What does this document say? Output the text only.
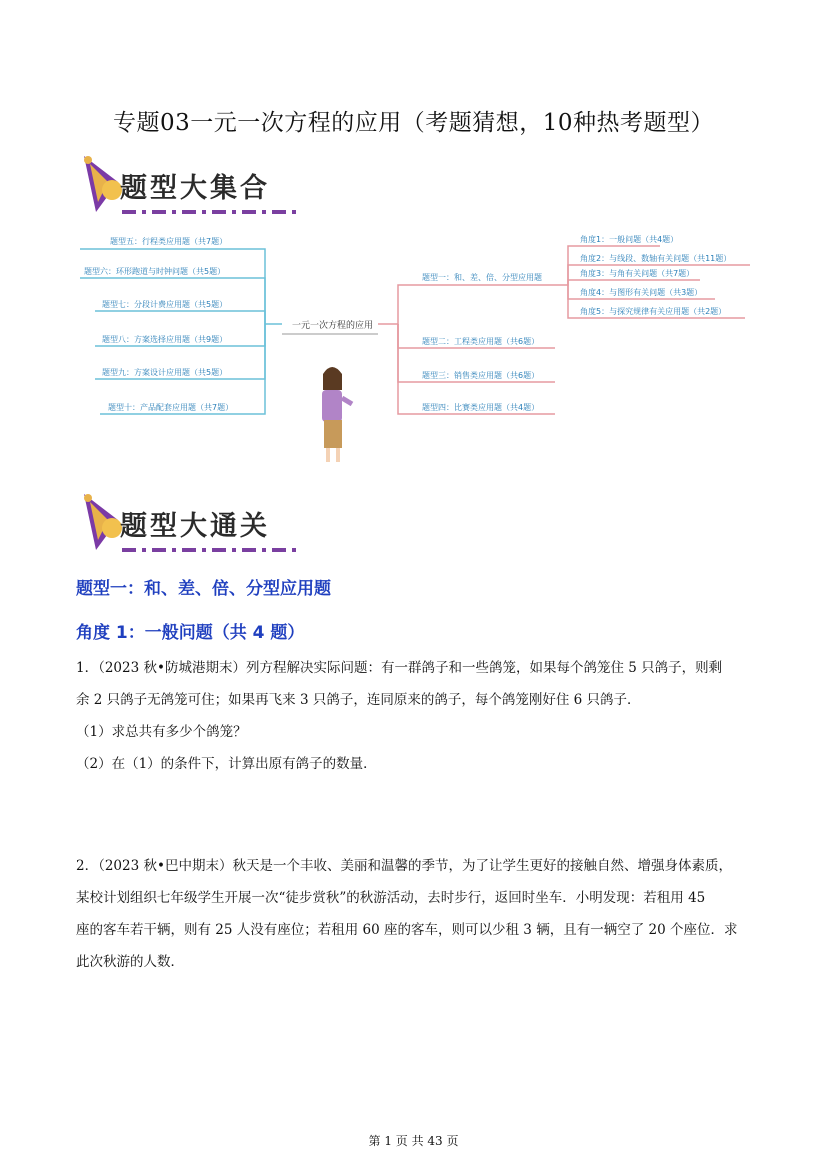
专题03一元一次方程的应用（考题猜想，10种热考题型）
题型大集合
一元一次方程的应用
题型五：行程类应用题（共7题）
题型六：环形跑道与时钟问题（共5题）
题型七：分段计费应用题（共5题）
题型八：方案选择应用题（共9题）
题型九：方案设计应用题（共5题）
题型十：产品配套应用题（共7题）
题型一：和、差、倍、分型应用题
题型二：工程类应用题（共6题）
题型三：销售类应用题（共6题）
题型四：比赛类应用题（共4题）
角度1：一般问题（共4题）
角度2：与线段、数轴有关问题（共11题）
角度3：与角有关问题（共7题）
角度4：与图形有关问题（共3题）
角度5：与探究规律有关应用题（共2题）
题型大通关
题型一：和、差、倍、分型应用题
角度 1：一般问题（共 4 题）
1．（2023 秋•防城港期末）列方程解决实际问题：有一群鸽子和一些鸽笼，如果每个鸽笼住 5 只鸽子，则剩
余 2 只鸽子无鸽笼可住；如果再飞来 3 只鸽子，连同原来的鸽子，每个鸽笼刚好住 6 只鸽子．
（1）求总共有多少个鸽笼？
（2）在（1）的条件下，计算出原有鸽子的数量．
2．（2023 秋•巴中期末）秋天是一个丰收、美丽和温馨的季节，为了让学生更好的接触自然、增强身体素质，
某校计划组织七年级学生开展一次“徒步赏秋”的秋游活动，去时步行，返回时坐车．小明发现：若租用 45
座的客车若干辆，则有 25 人没有座位；若租用 60 座的客车，则可以少租 3 辆，且有一辆空了 20 个座位．求
此次秋游的人数．
第 1 页 共 43 页
